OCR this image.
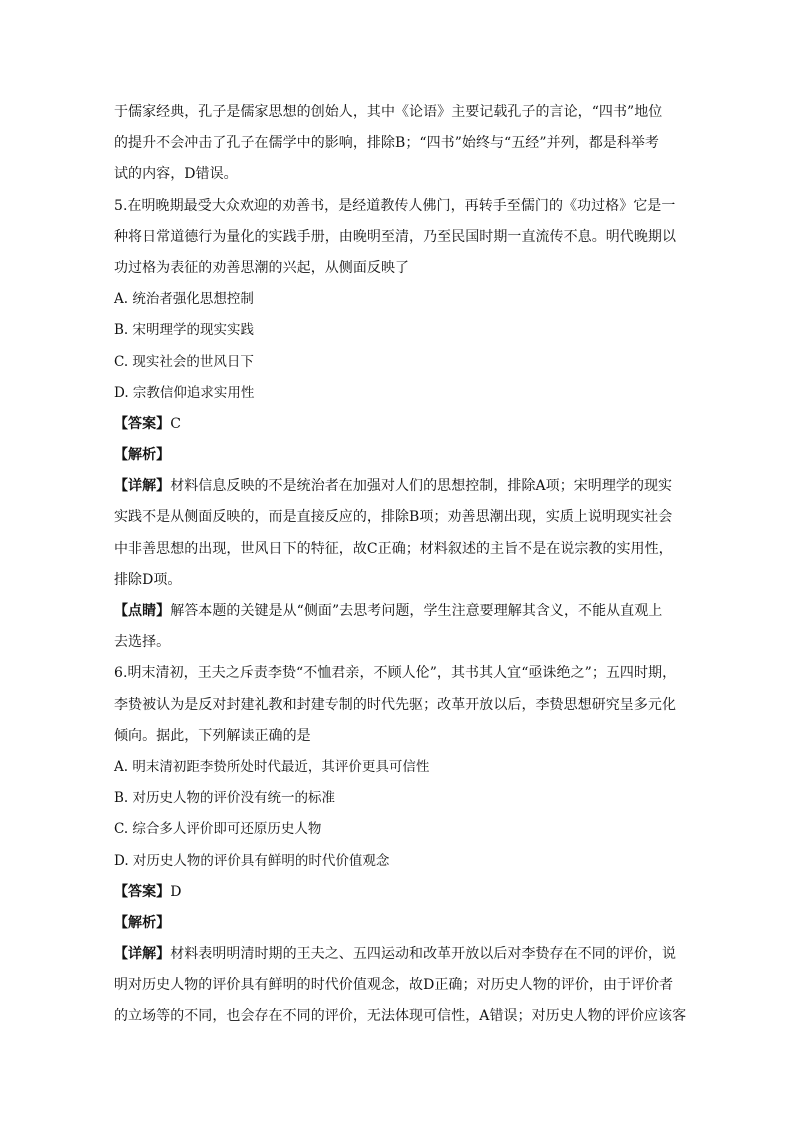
于儒家经典，孔子是儒家思想的创始人，其中《论语》主要记载孔子的言论，“四书”地位
的提升不会冲击了孔子在儒学中的影响，排除B；“四书”始终与“五经”并列，都是科举考
试的内容，D错误。
5.在明晚期最受大众欢迎的劝善书，是经道教传人佛门，再转手至儒门的《功过格》它是一
种将日常道德行为量化的实践手册，由晚明至清，乃至民国时期一直流传不息。明代晚期以
功过格为表征的劝善思潮的兴起，从侧面反映了
A. 统治者强化思想控制
B. 宋明理学的现实实践
C. 现实社会的世风日下
D. 宗教信仰追求实用性
【答案】C
【解析】
【详解】材料信息反映的不是统治者在加强对人们的思想控制，排除A项；宋明理学的现实
实践不是从侧面反映的，而是直接反应的，排除B项；劝善思潮出现，实质上说明现实社会
中非善思想的出现，世风日下的特征，故C正确；材料叙述的主旨不是在说宗教的实用性，
排除D项。
【点睛】解答本题的关键是从“侧面”去思考问题，学生注意要理解其含义，不能从直观上
去选择。
6.明末清初，王夫之斥责李贽“不恤君亲，不顾人伦”，其书其人宜“亟诛绝之”；五四时期，
李贽被认为是反对封建礼教和封建专制的时代先驱；改革开放以后，李贽思想研究呈多元化
倾向。据此，下列解读正确的是
A. 明末清初距李贽所处时代最近，其评价更具可信性
B. 对历史人物的评价没有统一的标准
C. 综合多人评价即可还原历史人物
D. 对历史人物的评价具有鲜明的时代价值观念
【答案】D
【解析】
【详解】材料表明明清时期的王夫之、五四运动和改革开放以后对李贽存在不同的评价，说
明对历史人物的评价具有鲜明的时代价值观念，故D正确；对历史人物的评价，由于评价者
的立场等的不同，也会存在不同的评价，无法体现可信性，A错误；对历史人物的评价应该客
